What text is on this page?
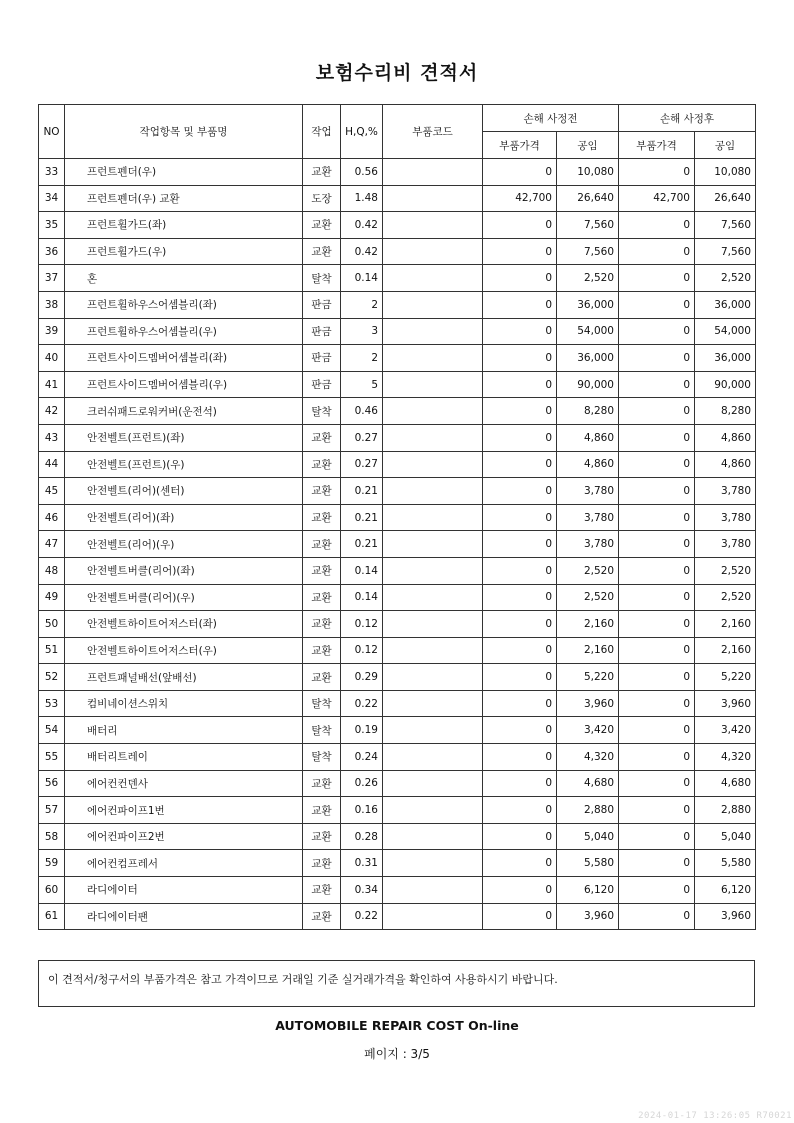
보험수리비 견적서
NO	작업항목 및 부품명	작업	H,Q,%	부품코드	손해 사정전		손해 사정후	
					부품가격	공임	부품가격	공임
33	프런트펜더(우)	교환	0.56		0	10,080	0	10,080
34	프런트펜더(우) 교환	도장	1.48		42,700	26,640	42,700	26,640
35	프런트휠가드(좌)	교환	0.42		0	7,560	0	7,560
36	프런트휠가드(우)	교환	0.42		0	7,560	0	7,560
37	혼	탈착	0.14		0	2,520	0	2,520
38	프런트휠하우스어셈블리(좌)	판금	2		0	36,000	0	36,000
39	프런트휠하우스어셈블리(우)	판금	3		0	54,000	0	54,000
40	프런트사이드멤버어셈블리(좌)	판금	2		0	36,000	0	36,000
41	프런트사이드멤버어셈블리(우)	판금	5		0	90,000	0	90,000
42	크러쉬패드로워커버(운전석)	탈착	0.46		0	8,280	0	8,280
43	안전벨트(프런트)(좌)	교환	0.27		0	4,860	0	4,860
44	안전벨트(프런트)(우)	교환	0.27		0	4,860	0	4,860
45	안전벨트(리어)(센터)	교환	0.21		0	3,780	0	3,780
46	안전벨트(리어)(좌)	교환	0.21		0	3,780	0	3,780
47	안전벨트(리어)(우)	교환	0.21		0	3,780	0	3,780
48	안전벨트버클(리어)(좌)	교환	0.14		0	2,520	0	2,520
49	안전벨트버클(리어)(우)	교환	0.14		0	2,520	0	2,520
50	안전벨트하이트어저스터(좌)	교환	0.12		0	2,160	0	2,160
51	안전벨트하이트어저스터(우)	교환	0.12		0	2,160	0	2,160
52	프런트패널배선(앞배선)	교환	0.29		0	5,220	0	5,220
53	컴비네이션스위치	탈착	0.22		0	3,960	0	3,960
54	배터리	탈착	0.19		0	3,420	0	3,420
55	배터리트레이	탈착	0.24		0	4,320	0	4,320
56	에어컨컨덴사	교환	0.26		0	4,680	0	4,680
57	에어컨파이프1번	교환	0.16		0	2,880	0	2,880
58	에어컨파이프2번	교환	0.28		0	5,040	0	5,040
59	에어컨컴프레서	교환	0.31		0	5,580	0	5,580
60	라디에이터	교환	0.34		0	6,120	0	6,120
61	라디에이터팬	교환	0.22		0	3,960	0	3,960
이 견적서/청구서의 부품가격은 참고 가격이므로 거래일 기준 실거래가격을 확인하여 사용하시기 바랍니다.
AUTOMOBILE REPAIR COST On-line
페이지 : 3/5
2024-01-17 13:26:05 R70021
